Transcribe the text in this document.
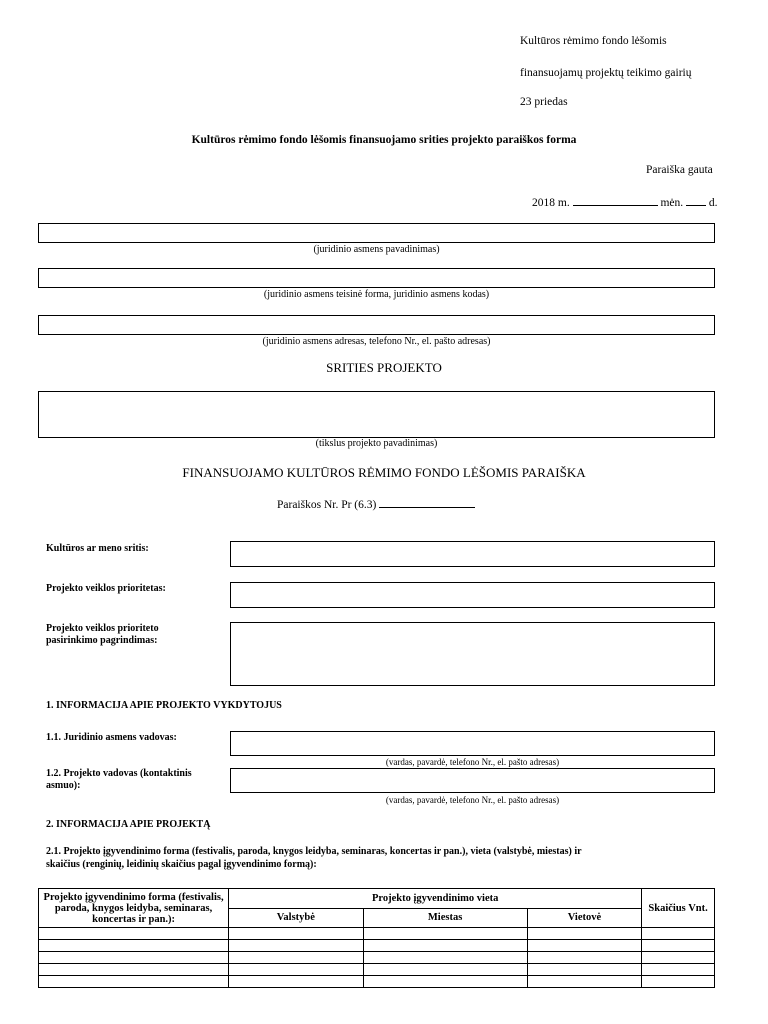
Kultūros rėmimo fondo lėšomis
finansuojamų projektų teikimo gairių
23 priedas
Kultūros rėmimo fondo lėšomis finansuojamo srities projekto paraiškos forma
Paraiška gauta
2018 m.	mėn. d.
(juridinio asmens pavadinimas)
(juridinio asmens teisinė forma, juridinio asmens kodas)
(juridinio asmens adresas, telefono Nr., el. pašto adresas)
SRITIES PROJEKTO
(tikslus projekto pavadinimas)
FINANSUOJAMO KULTŪROS RĖMIMO FONDO LĖŠOMIS PARAIŠKA
Paraiškos Nr. Pr (6.3)
Kultūros ar meno sritis:
Projekto veiklos prioritetas:
Projekto veiklos prioriteto
pasirinkimo pagrindimas:
1. INFORMACIJA APIE PROJEKTO VYKDYTOJUS
1.1. Juridinio asmens vadovas:
(vardas, pavardė, telefono Nr., el. pašto adresas)
1.2. Projekto vadovas (kontaktinis
asmuo):
(vardas, pavardė, telefono Nr., el. pašto adresas)
2. INFORMACIJA APIE PROJEKTĄ
2.1. Projekto įgyvendinimo forma (festivalis, paroda, knygos leidyba, seminaras, koncertas ir pan.), vieta (valstybė, miestas) ir
skaičius (renginių, leidinių skaičius pagal įgyvendinimo formą):
Projekto įgyvendinimo forma (festivalis, paroda, knygos leidyba, seminaras, koncertas ir pan.):	Projekto įgyvendinimo vieta			Skaičius Vnt.
	Valstybė	Miestas	Vietovė	
